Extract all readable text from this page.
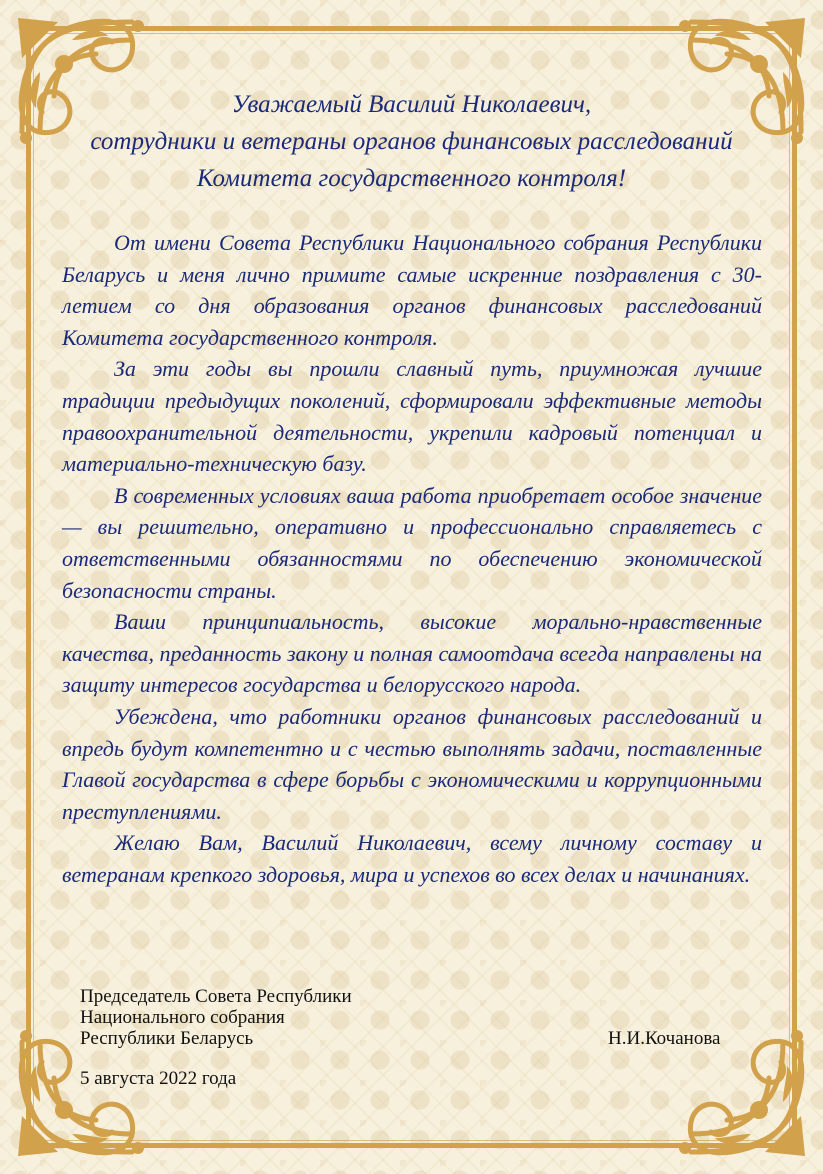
Уважаемый Василий Николаевич,
сотрудники и ветераны органов финансовых расследований
Комитета государственного контроля!

От имени Совета Республики Национального собрания Республики Беларусь и меня лично примите самые искренние поздравления с 30-летием со дня образования органов финансовых расследований Комитета государственного контроля.

За эти годы вы прошли славный путь, приумножая лучшие традиции предыдущих поколений, сформировали эффективные методы правоохранительной деятельности, укрепили кадровый потенциал и материально-техническую базу.

В современных условиях ваша работа приобретает особое значение — вы решительно, оперативно и профессионально справляетесь с ответственными обязанностями по обеспечению экономической безопасности страны.

Ваши принципиальность, высокие морально-нравственные качества, преданность закону и полная самоотдача всегда направлены на защиту интересов государства и белорусского народа.

Убеждена, что работники органов финансовых расследований и впредь будут компетентно и с честью выполнять задачи, поставленные Главой государства в сфере борьбы с экономическими и коррупционными преступлениями.

Желаю Вам, Василий Николаевич, всему личному составу и ветеранам крепкого здоровья, мира и успехов во всех делах и начинаниях.

Председатель Совета Республики
Национального собрания
Республики Беларусь	Н.И.Кочанова
5 августа 2022 года
